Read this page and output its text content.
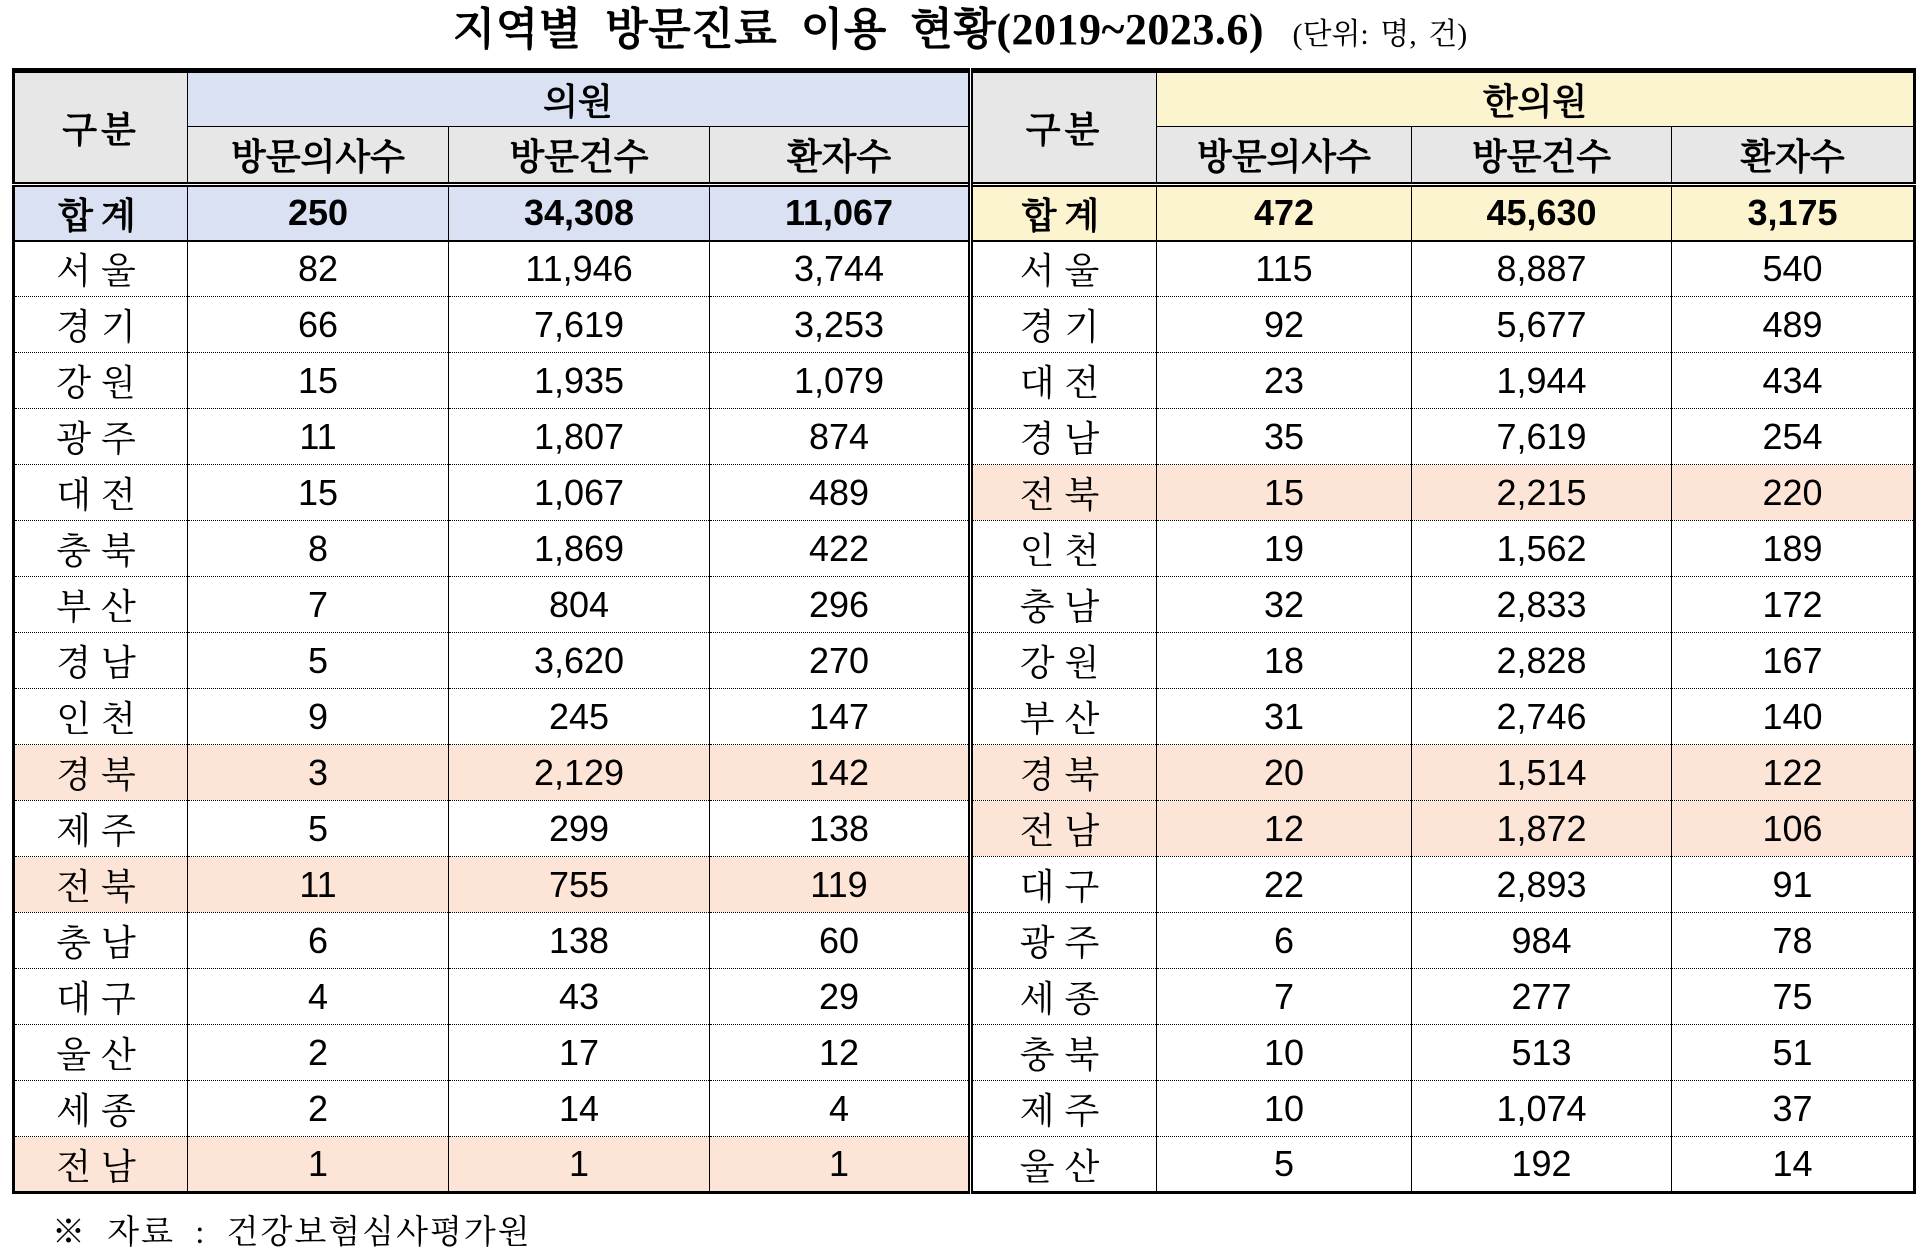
지역별 방문진료 이용 현황(2019~2023.6) (단위: 명, 건)
구분	의원			구분	한의원		
	방문의사수	방문건수	환자수		방문의사수	방문건수	환자수
합계	250	34,308	11,067	합계	472	45,630	3,175
서울	82	11,946	3,744	서울	115	8,887	540
경기	66	7,619	3,253	경기	92	5,677	489
강원	15	1,935	1,079	대전	23	1,944	434
광주	11	1,807	874	경남	35	7,619	254
대전	15	1,067	489	전북	15	2,215	220
충북	8	1,869	422	인천	19	1,562	189
부산	7	804	296	충남	32	2,833	172
경남	5	3,620	270	강원	18	2,828	167
인천	9	245	147	부산	31	2,746	140
경북	3	2,129	142	경북	20	1,514	122
제주	5	299	138	전남	12	1,872	106
전북	11	755	119	대구	22	2,893	91
충남	6	138	60	광주	6	984	78
대구	4	43	29	세종	7	277	75
울산	2	17	12	충북	10	513	51
세종	2	14	4	제주	10	1,074	37
전남	1	1	1	울산	5	192	14
※ 자료 : 건강보험심사평가원
